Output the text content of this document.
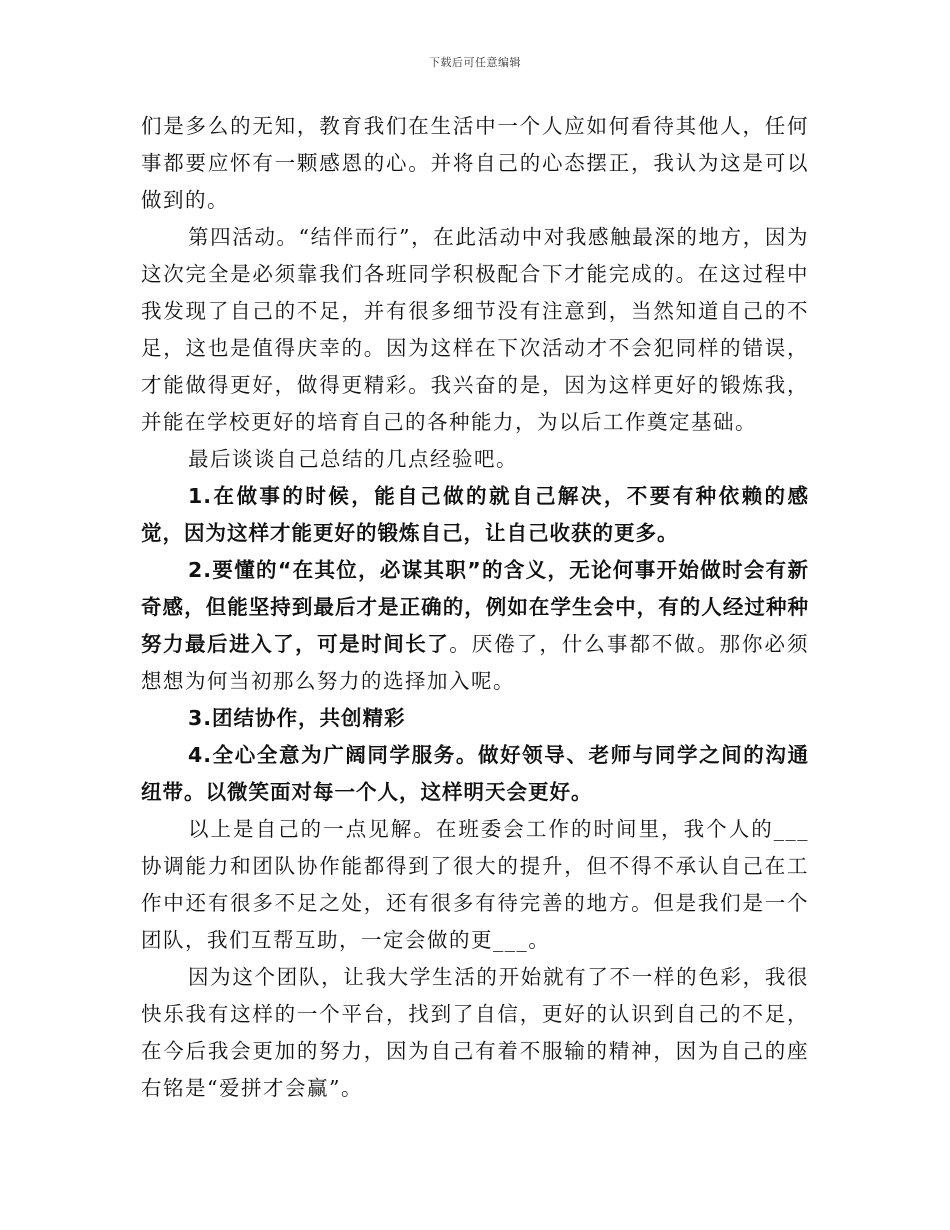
下载后可任意编辑

们是多么的无知，教育我们在生活中一个人应如何看待其他人，任何事都要应怀有一颗感恩的心。并将自己的心态摆正，我认为这是可以做到的。

第四活动。“结伴而行”，在此活动中对我感触最深的地方，因为这次完全是必须靠我们各班同学积极配合下才能完成的。在这过程中我发现了自己的不足，并有很多细节没有注意到，当然知道自己的不足，这也是值得庆幸的。因为这样在下次活动才不会犯同样的错误，才能做得更好，做得更精彩。我兴奋的是，因为这样更好的锻炼我，并能在学校更好的培育自己的各种能力，为以后工作奠定基础。

最后谈谈自己总结的几点经验吧。

1.在做事的时候，能自己做的就自己解决，不要有种依赖的感觉，因为这样才能更好的锻炼自己，让自己收获的更多。

2.要懂的“在其位，必谋其职”的含义，无论何事开始做时会有新奇感，但能坚持到最后才是正确的，例如在学生会中，有的人经过种种努力最后进入了，可是时间长了。厌倦了，什么事都不做。那你必须想想为何当初那么努力的选择加入呢。

3.团结协作，共创精彩

4.全心全意为广阔同学服务。做好领导、老师与同学之间的沟通纽带。以微笑面对每一个人，这样明天会更好。

以上是自己的一点见解。在班委会工作的时间里，我个人的___协调能力和团队协作能都得到了很大的提升，但不得不承认自己在工作中还有很多不足之处，还有很多有待完善的地方。但是我们是一个团队，我们互帮互助，一定会做的更___。

因为这个团队，让我大学生活的开始就有了不一样的色彩，我很快乐我有这样的一个平台，找到了自信，更好的认识到自己的不足，在今后我会更加的努力，因为自己有着不服输的精神，因为自己的座右铭是“爱拼才会赢”。
